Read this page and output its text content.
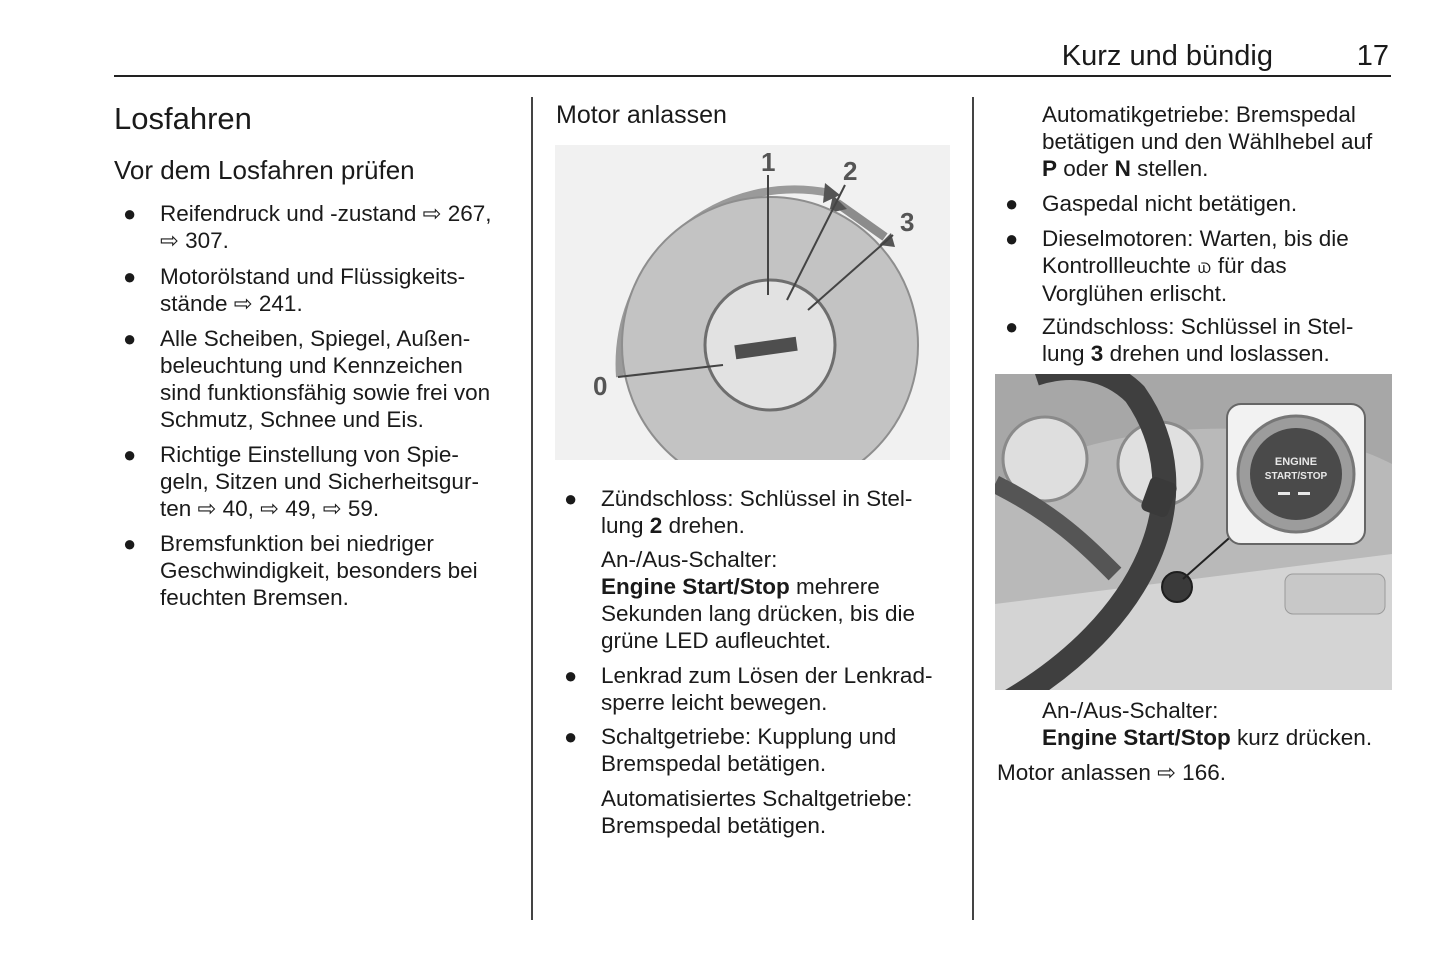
Kurz und bündig	17
Losfahren
Vor dem Losfahren prüfen
● Reifendruck und -zustand ⇨ 267,
⇨ 307.
● Motorölstand und Flüssigkeits-
stände ⇨ 241.
● Alle Scheiben, Spiegel, Außen-
beleuchtung und Kennzeichen
sind funktionsfähig sowie frei von
Schmutz, Schnee und Eis.
● Richtige Einstellung von Spie-
geln, Sitzen und Sicherheitsgur-
ten ⇨ 40, ⇨ 49, ⇨ 59.
● Bremsfunktion bei niedriger
Geschwindigkeit, besonders bei
feuchten Bremsen.
Motor anlassen
0
1	2
3
● Zündschloss: Schlüssel in Stel-
lung 2 drehen.
An-/Aus-Schalter:
Engine Start/Stop mehrere
Sekunden lang drücken, bis die
grüne LED aufleuchtet.
● Lenkrad zum Lösen der Lenkrad-
sperre leicht bewegen.
● Schaltgetriebe: Kupplung und
Bremspedal betätigen.
Automatisiertes Schaltgetriebe:
Bremspedal betätigen.
Automatikgetriebe: Bremspedal
betätigen und den Wählhebel auf
P oder N stellen.
● Gaspedal nicht betätigen.
● Dieselmotoren: Warten, bis die
Kontrollleuchte ௰ für das
Vorglühen erlischt.
● Zündschloss: Schlüssel in Stel-
lung 3 drehen und loslassen.
ENGINE
START/STOP
An-/Aus-Schalter:
Engine Start/Stop kurz drücken.
Motor anlassen ⇨ 166.
